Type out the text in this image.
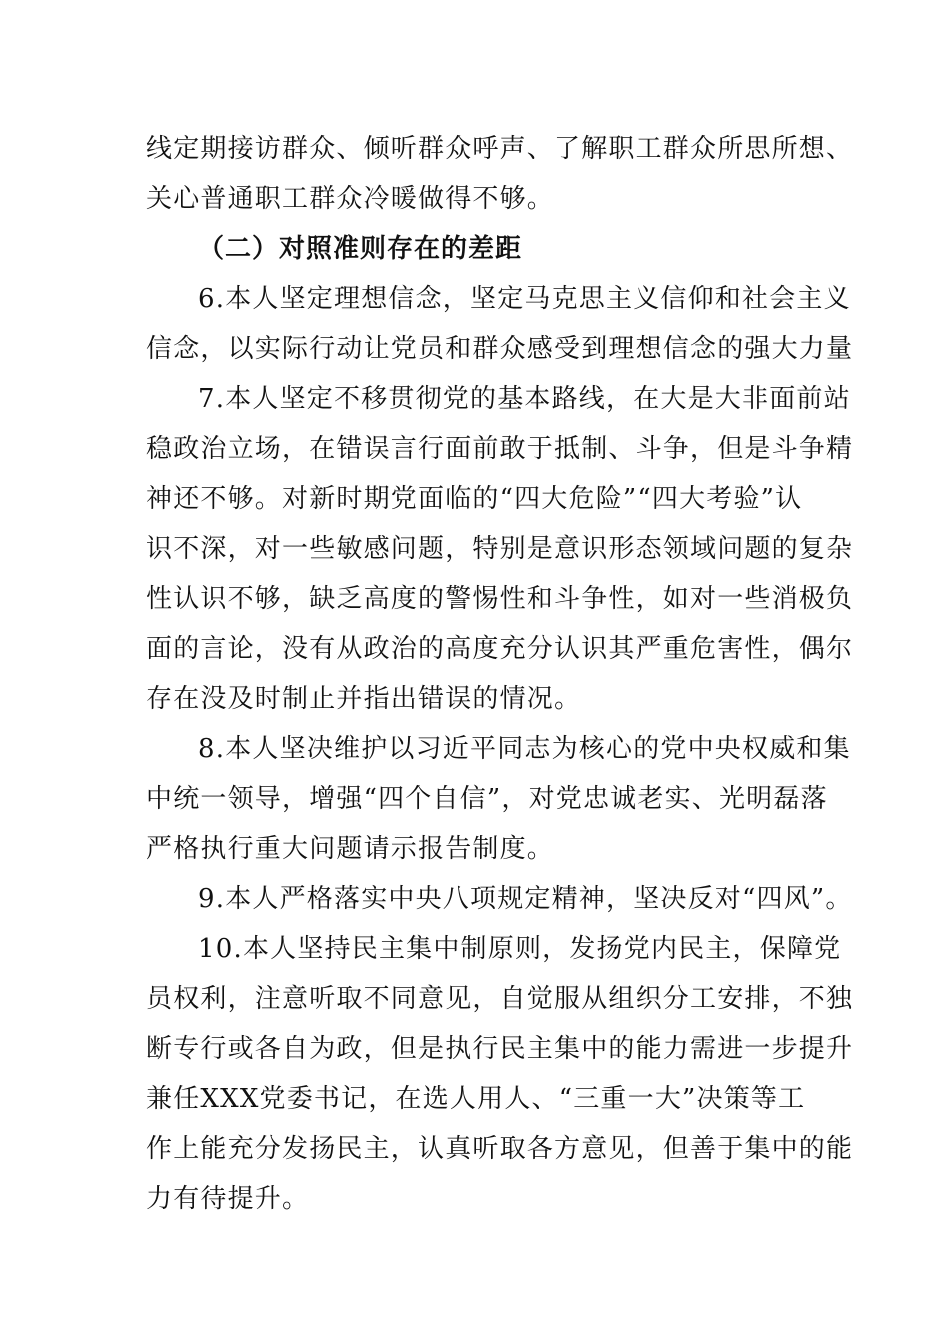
线定期接访群众、倾听群众呼声、了解职工群众所思所想、
关心普通职工群众冷暖做得不够。
（二）对照准则存在的差距
6.本人坚定理想信念，坚定马克思主义信仰和社会主义
信念，以实际行动让党员和群众感受到理想信念的强大力量
7.本人坚定不移贯彻党的基本路线，在大是大非面前站
稳政治立场，在错误言行面前敢于抵制、斗争，但是斗争精
神还不够。对新时期党面临的“四大危险”“四大考验”认
识不深，对一些敏感问题，特别是意识形态领域问题的复杂
性认识不够，缺乏高度的警惕性和斗争性，如对一些消极负
面的言论，没有从政治的高度充分认识其严重危害性，偶尔
存在没及时制止并指出错误的情况。
8.本人坚决维护以习近平同志为核心的党中央权威和集
中统一领导，增强“四个自信”，对党忠诚老实、光明磊落
严格执行重大问题请示报告制度。
9.本人严格落实中央八项规定精神，坚决反对“四风”。
10.本人坚持民主集中制原则，发扬党内民主，保障党
员权利，注意听取不同意见，自觉服从组织分工安排，不独
断专行或各自为政，但是执行民主集中的能力需进一步提升
兼任XXX党委书记，在选人用人、“三重一大”决策等工
作上能充分发扬民主，认真听取各方意见，但善于集中的能
力有待提升。
